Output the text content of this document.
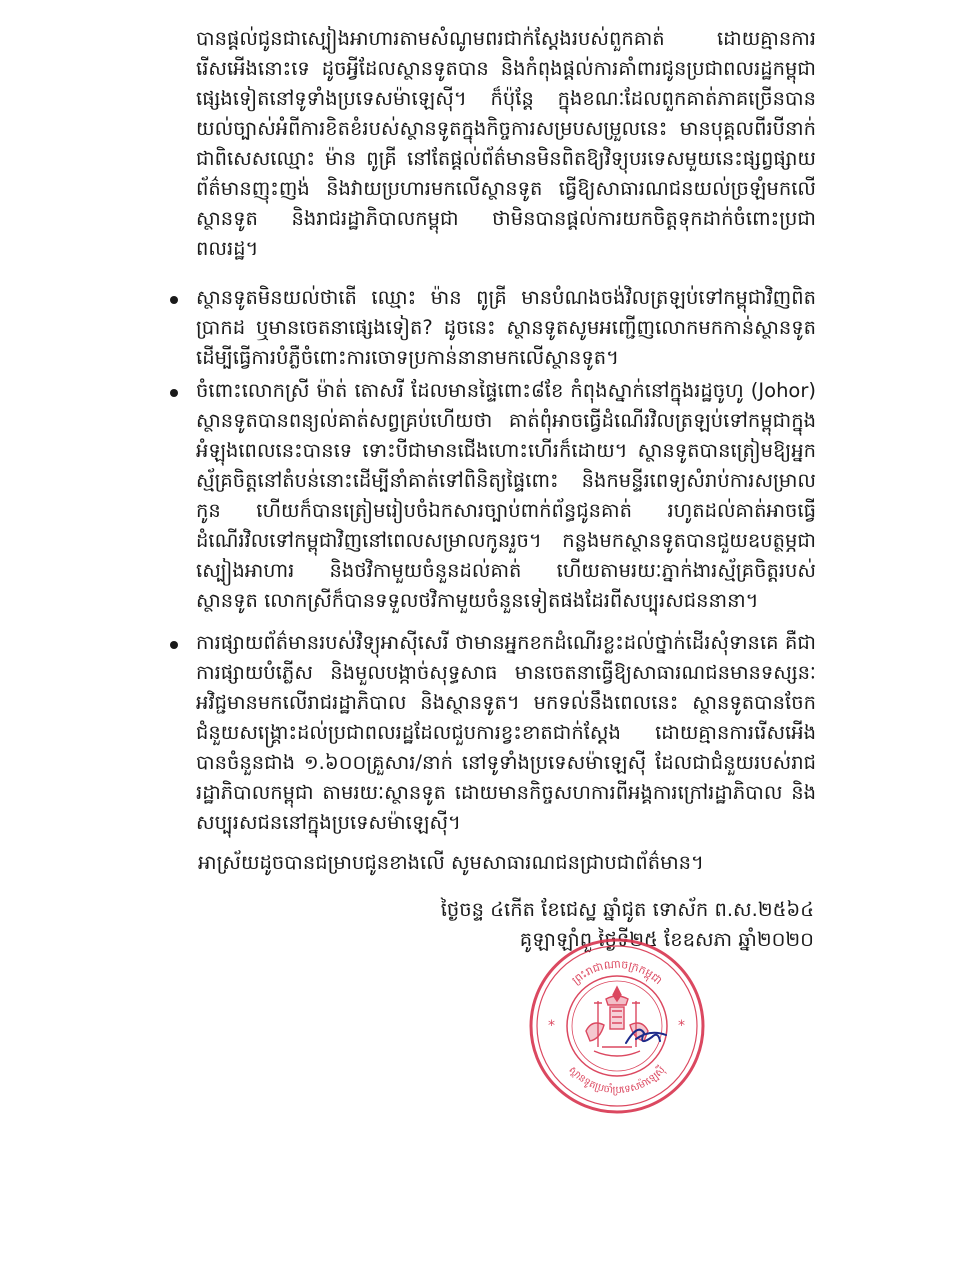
បានផ្តល់ជូនជាស្បៀងអាហារតាមសំណូមពរជាក់ស្តែងរបស់ពួកគាត់ ដោយគ្មានការរើសអើងនោះទេ ដូចអ្វីដែលស្ថានទូតបាន និងកំពុងផ្តល់ការគាំពារជូនប្រជាពលរដ្ឋកម្ពុជាផ្សេងទៀតនៅទូទាំងប្រទេសម៉ាឡេស៊ី។ ក៏ប៉ុន្តែ ក្នុងខណៈដែលពួកគាត់ភាគច្រើនបានយល់ច្បាស់អំពីការខិតខំរបស់ស្ថានទូតក្នុងកិច្ចការសម្របសម្រួលនេះ មានបុគ្គលពីរបីនាក់ ជាពិសេសឈ្មោះ ម៉ាន ពូគ្រី នៅតែផ្តល់ព័ត៌មានមិនពិតឱ្យវិទ្យុបរទេសមួយនេះផ្សព្វផ្សាយព័ត៌មានញុះញង់ និងវាយប្រហារមកលើស្ថានទូត ធ្វើឱ្យសាធារណជនយល់ច្រឡំមកលើស្ថានទូត និងរាជរដ្ឋាភិបាលកម្ពុជា ថាមិនបានផ្តល់ការយកចិត្តទុកដាក់ចំពោះប្រជាពលរដ្ឋ។

ស្ថានទូតមិនយល់ថាតើ ឈ្មោះ ម៉ាន ពូគ្រី មានបំណងចង់វិលត្រឡប់ទៅកម្ពុជាវិញពិតប្រាកដ ឬមានចេតនាផ្សេងទៀត? ដូចនេះ ស្ថានទូតសូមអញ្ជើញលោកមកកាន់ស្ថានទូត ដើម្បីធ្វើការបំភ្លឺចំពោះការចោទប្រកាន់នានាមកលើស្ថានទូត។

ចំពោះលោកស្រី ម៉ាត់ តោសរី ដែលមានផ្ទៃពោះ៨ខែ កំពុងស្នាក់នៅក្នុងរដ្ឋចូហូ (Johor) ស្ថានទូតបានពន្យល់គាត់សព្វគ្រប់ហើយថា គាត់ពុំអាចធ្វើដំណើរវិលត្រឡប់ទៅកម្ពុជាក្នុងអំឡុងពេលនេះបានទេ ទោះបីជាមានជើងហោះហើរក៏ដោយ។ ស្ថានទូតបានត្រៀមឱ្យអ្នកស្ម័គ្រចិត្តនៅតំបន់នោះដើម្បីនាំគាត់ទៅពិនិត្យផ្ទៃពោះ និងកមន្ទីរពេទ្យសំរាប់ការសម្រាលកូន ហើយក៏បានត្រៀមរៀបចំឯកសារច្បាប់ពាក់ព័ន្ធជូនគាត់ រហូតដល់គាត់អាចធ្វើដំណើរវិលទៅកម្ពុជាវិញនៅពេលសម្រាលកូនរួច។ កន្លងមកស្ថានទូតបានជួយឧបត្ថម្ភជាស្បៀងអាហារ និងថវិកាមួយចំនួនដល់គាត់ ហើយតាមរយៈភ្នាក់ងារស្ម័គ្រចិត្តរបស់ស្ថានទូត លោកស្រីក៏បានទទួលថវិកាមួយចំនួនទៀតផងដែរពីសប្បុរសជននានា។

ការផ្សាយព័ត៌មានរបស់វិទ្យុអាស៊ីសេរី ថាមានអ្នកខកដំណើរខ្លះដល់ថ្នាក់ដើរសុំទានគេ គឺជាការផ្សាយបំភ្លើស និងមួលបង្កាច់សុទ្ធសាធ មានចេតនាធ្វើឱ្យសាធារណជនមានទស្សនៈអវិជ្ជមានមកលើរាជរដ្ឋាភិបាល និងស្ថានទូត។ មកទល់នឹងពេលនេះ ស្ថានទូតបានចែកជំនួយសង្គ្រោះដល់ប្រជាពលរដ្ឋដែលជួបការខ្វះខាតជាក់ស្តែង ដោយគ្មានការរើសអើងបានចំនួនជាង ១.៦០០គ្រួសារ/នាក់ នៅទូទាំងប្រទេសម៉ាឡេស៊ី ដែលជាជំនួយរបស់រាជរដ្ឋាភិបាលកម្ពុជា តាមរយៈស្ថានទូត ដោយមានកិច្ចសហការពីអង្គការក្រៅរដ្ឋាភិបាល និងសប្បុរសជននៅក្នុងប្រទេសម៉ាឡេស៊ី។

អាស្រ័យដូចបានជម្រាបជូនខាងលើ សូមសាធារណជនជ្រាបជាព័ត៌មាន។
ថ្ងៃចន្ទ ៤កើត ខែជេស្ឋ ឆ្នាំជូត ទោស័ក ព.ស.២៥៦៤
គូឡាឡាំពួ ថ្ងៃទី២៥ ខែឧសភា ឆ្នាំ២០២០
ព្រះរាជាណាចក្រកម្ពុជា
ស្ថានទូតប្រចាំប្រទេសម៉ាឡេស៊ី
*	*
